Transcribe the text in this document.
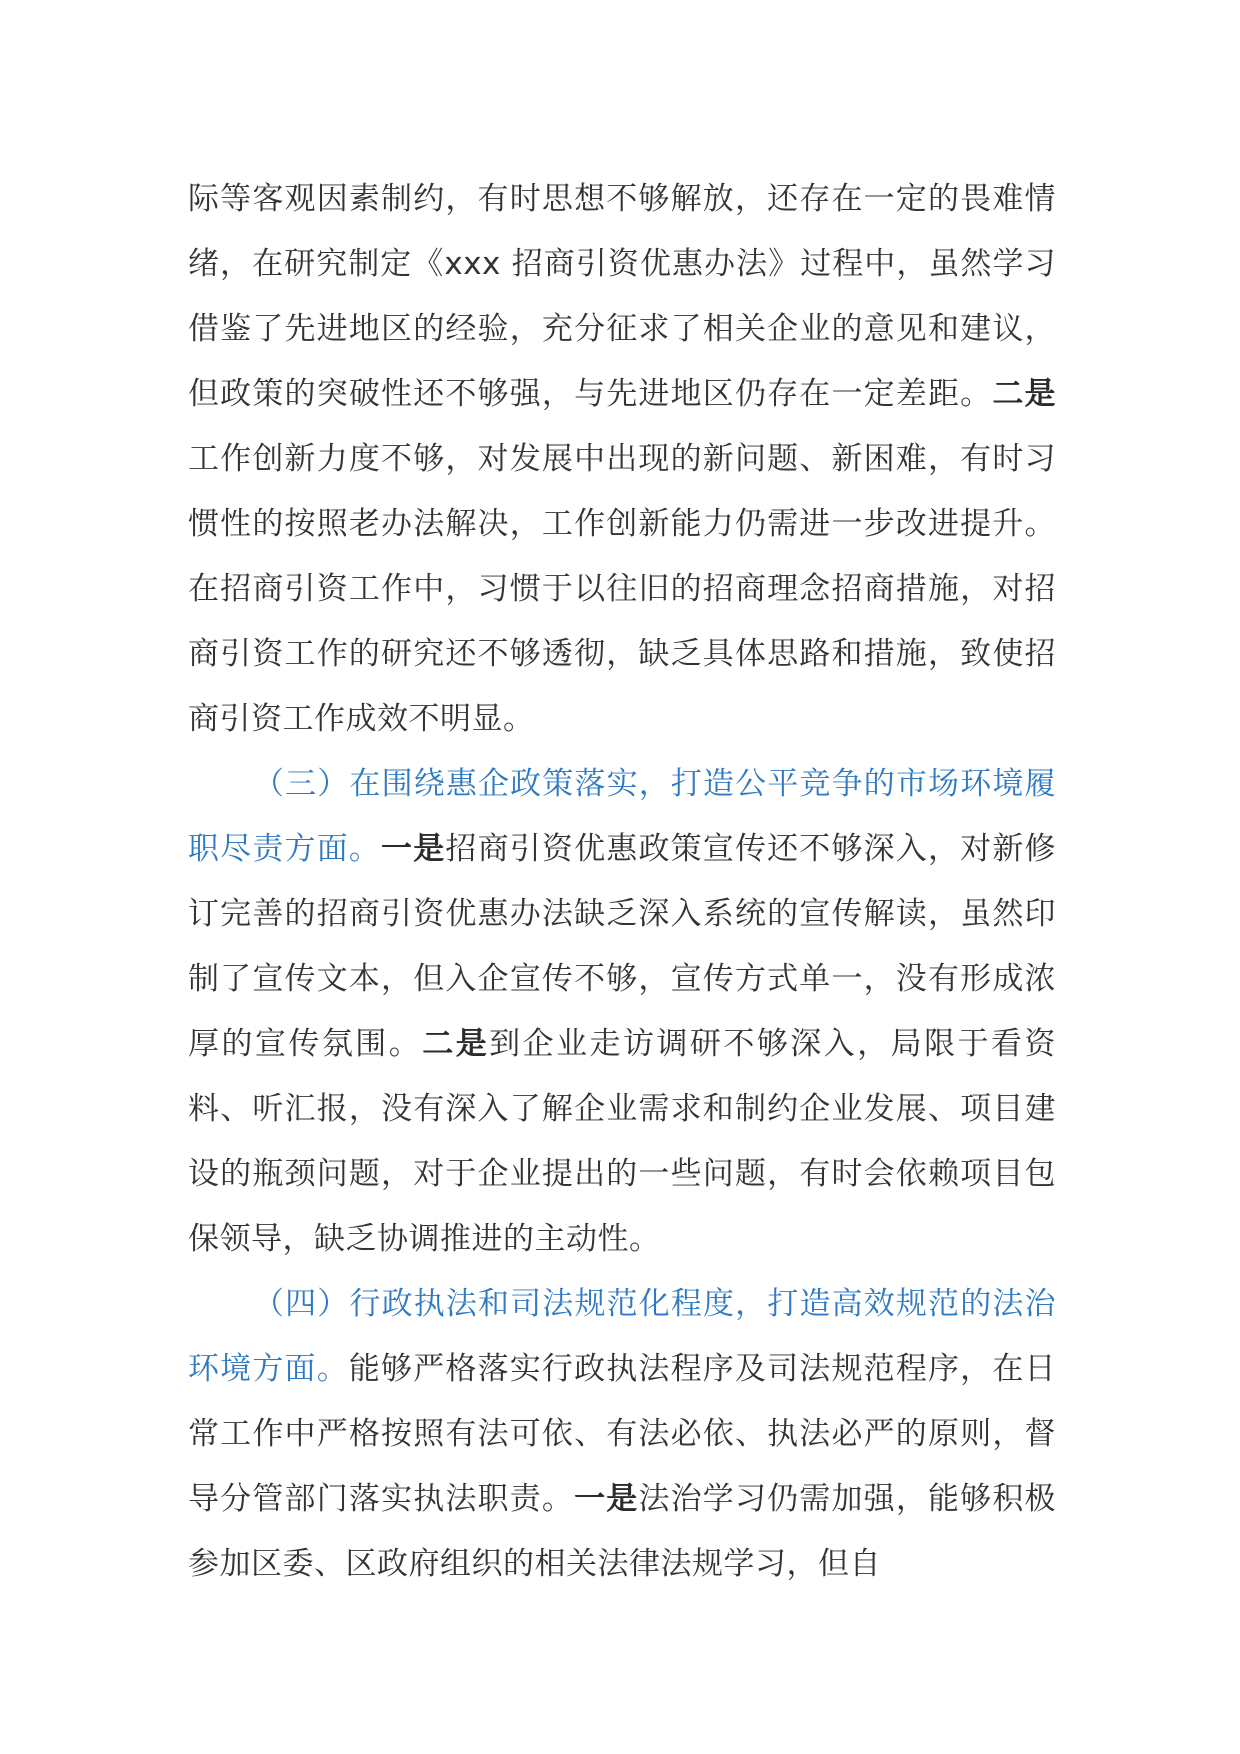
际等客观因素制约，有时思想不够解放，还存在一定的畏难情绪，在研究制定《xxx 招商引资优惠办法》过程中，虽然学习借鉴了先进地区的经验，充分征求了相关企业的意见和建议，但政策的突破性还不够强，与先进地区仍存在一定差距。二是工作创新力度不够，对发展中出现的新问题、新困难，有时习惯性的按照老办法解决，工作创新能力仍需进一步改进提升。在招商引资工作中，习惯于以往旧的招商理念招商措施，对招商引资工作的研究还不够透彻，缺乏具体思路和措施，致使招商引资工作成效不明显。

（三）在围绕惠企政策落实，打造公平竞争的市场环境履职尽责方面。一是招商引资优惠政策宣传还不够深入，对新修订完善的招商引资优惠办法缺乏深入系统的宣传解读，虽然印制了宣传文本，但入企宣传不够，宣传方式单一，没有形成浓厚的宣传氛围。二是到企业走访调研不够深入，局限于看资料、听汇报，没有深入了解企业需求和制约企业发展、项目建设的瓶颈问题，对于企业提出的一些问题，有时会依赖项目包保领导，缺乏协调推进的主动性。

（四）行政执法和司法规范化程度，打造高效规范的法治环境方面。能够严格落实行政执法程序及司法规范程序，在日常工作中严格按照有法可依、有法必依、执法必严的原则，督导分管部门落实执法职责。一是法治学习仍需加强，能够积极参加区委、区政府组织的相关法律法规学习，但自
